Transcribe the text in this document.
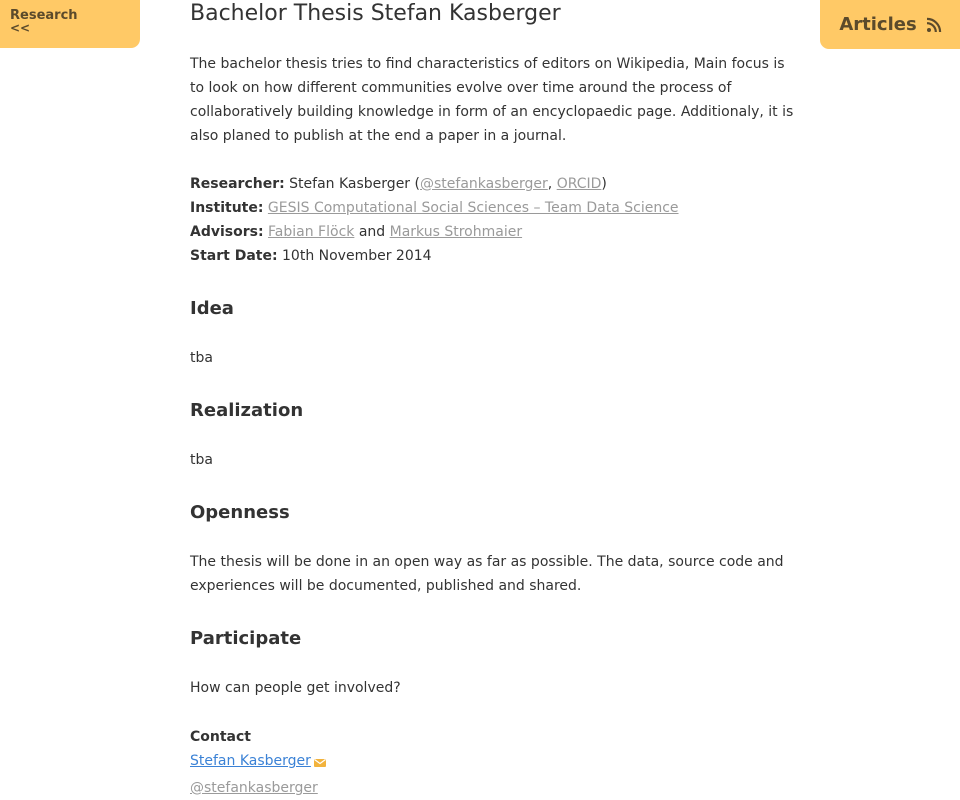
Research
<<	Articles
Bachelor Thesis Stefan Kasberger

The bachelor thesis tries to find characteristics of editors on Wikipedia, Main focus is to look on how different communities evolve over time around the process of collaboratively building knowledge in form of an encyclopaedic page. Additionaly, it is also planed to publish at the end a paper in a journal.

Researcher: Stefan Kasberger (@stefankasberger, ORCID)
Institute: GESIS Computational Social Sciences – Team Data Science
Advisors: Fabian Flöck and Markus Strohmaier
Start Date: 10th November 2014
Idea

tba

Realization

tba

Openness

The thesis will be done in an open way as far as possible. The data, source code and experiences will be documented, published and shared.

Participate

How can people get involved?

Contact
Stefan Kasberger
@stefankasberger
